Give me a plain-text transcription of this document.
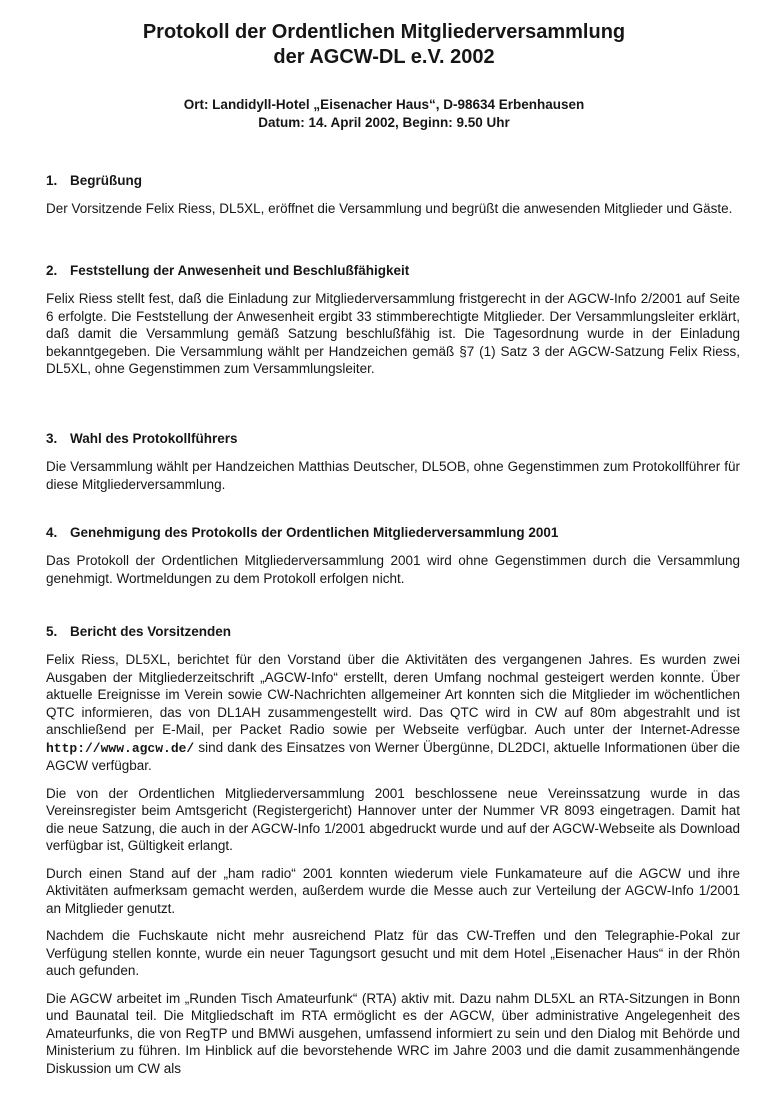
Protokoll der Ordentlichen Mitgliederversammlung
der AGCW-DL e.V. 2002
Ort: Landidyll-Hotel „Eisenacher Haus“, D-98634 Erbenhausen
Datum: 14. April 2002, Beginn: 9.50 Uhr
1. Begrüßung

Der Vorsitzende Felix Riess, DL5XL, eröffnet die Versammlung und begrüßt die anwesenden Mitglieder und Gäste.

2. Feststellung der Anwesenheit und Beschlußfähigkeit

Felix Riess stellt fest, daß die Einladung zur Mitgliederversammlung fristgerecht in der AGCW-Info 2/2001 auf Seite 6 erfolgte. Die Feststellung der Anwesenheit ergibt 33 stimmberechtigte Mitglieder. Der Versammlungsleiter erklärt, daß damit die Versammlung gemäß Satzung beschlußfähig ist. Die Tagesordnung wurde in der Einladung bekanntgegeben. Die Versammlung wählt per Handzeichen gemäß §7 (1) Satz 3 der AGCW-Satzung Felix Riess, DL5XL, ohne Gegenstimmen zum Versammlungsleiter.

3. Wahl des Protokollführers

Die Versammlung wählt per Handzeichen Matthias Deutscher, DL5OB, ohne Gegenstimmen zum Protokollführer für diese Mitgliederversammlung.

4. Genehmigung des Protokolls der Ordentlichen Mitgliederversammlung 2001

Das Protokoll der Ordentlichen Mitgliederversammlung 2001 wird ohne Gegenstimmen durch die Versammlung genehmigt. Wortmeldungen zu dem Protokoll erfolgen nicht.

5. Bericht des Vorsitzenden

Felix Riess, DL5XL, berichtet für den Vorstand über die Aktivitäten des vergangenen Jahres. Es wurden zwei Ausgaben der Mitgliederzeitschrift „AGCW-Info“ erstellt, deren Umfang nochmal gesteigert werden konnte. Über aktuelle Ereignisse im Verein sowie CW-Nachrichten allgemeiner Art konnten sich die Mitglieder im wöchentlichen QTC informieren, das von DL1AH zusammengestellt wird. Das QTC wird in CW auf 80m abgestrahlt und ist anschließend per E-Mail, per Packet Radio sowie per Webseite verfügbar. Auch unter der Internet-Adresse http://www.agcw.de/ sind dank des Einsatzes von Werner Übergünne, DL2DCI, aktuelle Informationen über die AGCW verfügbar.

Die von der Ordentlichen Mitgliederversammlung 2001 beschlossene neue Vereinssatzung wurde in das Vereinsregister beim Amtsgericht (Registergericht) Hannover unter der Nummer VR 8093 eingetragen. Damit hat die neue Satzung, die auch in der AGCW-Info 1/2001 abgedruckt wurde und auf der AGCW-Webseite als Download verfügbar ist, Gültigkeit erlangt.

Durch einen Stand auf der „ham radio“ 2001 konnten wiederum viele Funkamateure auf die AGCW und ihre Aktivitäten aufmerksam gemacht werden, außerdem wurde die Messe auch zur Verteilung der AGCW-Info 1/2001 an Mitglieder genutzt.

Nachdem die Fuchskaute nicht mehr ausreichend Platz für das CW-Treffen und den Telegraphie-Pokal zur Verfügung stellen konnte, wurde ein neuer Tagungsort gesucht und mit dem Hotel „Eisenacher Haus“ in der Rhön auch gefunden.

Die AGCW arbeitet im „Runden Tisch Amateurfunk“ (RTA) aktiv mit. Dazu nahm DL5XL an RTA-Sitzungen in Bonn und Baunatal teil. Die Mitgliedschaft im RTA ermöglicht es der AGCW, über administrative Angelegenheit des Amateurfunks, die von RegTP und BMWi ausgehen, umfassend informiert zu sein und den Dialog mit Behörde und Ministerium zu führen. Im Hinblick auf die bevorstehende WRC im Jahre 2003 und die damit zusammenhängende Diskussion um CW als
